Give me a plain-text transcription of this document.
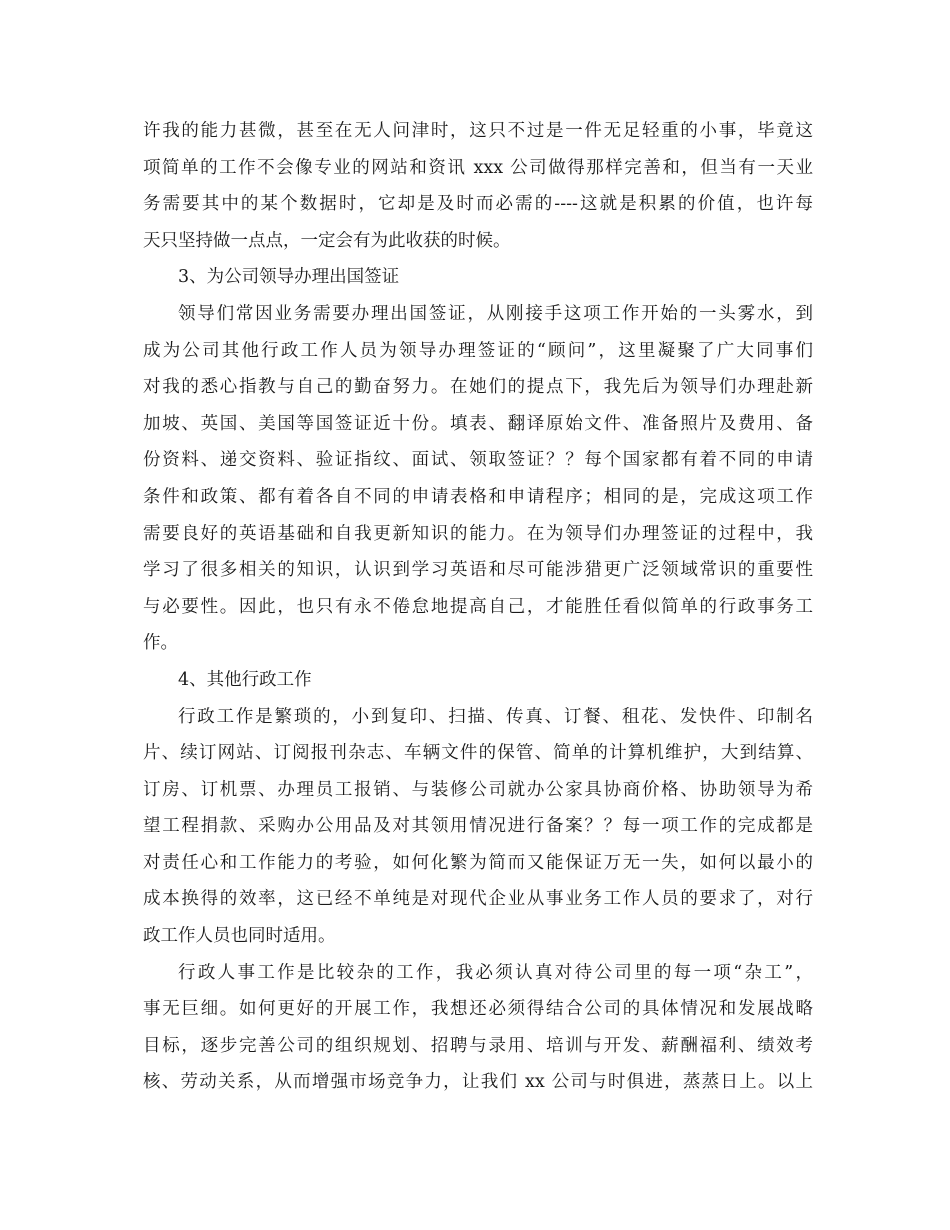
许我的能力甚微，甚至在无人问津时，这只不过是一件无足轻重的小事，毕竟这
项简单的工作不会像专业的网站和资讯 xxx 公司做得那样完善和，但当有一天业
务需要其中的某个数据时，它却是及时而必需的----这就是积累的价值，也许每
天只坚持做一点点，一定会有为此收获的时候。
3、为公司领导办理出国签证
领导们常因业务需要办理出国签证，从刚接手这项工作开始的一头雾水，到
成为公司其他行政工作人员为领导办理签证的“顾问”，这里凝聚了广大同事们
对我的悉心指教与自己的勤奋努力。在她们的提点下，我先后为领导们办理赴新
加坡、英国、美国等国签证近十份。填表、翻译原始文件、准备照片及费用、备
份资料、递交资料、验证指纹、面试、领取签证？？每个国家都有着不同的申请
条件和政策、都有着各自不同的申请表格和申请程序；相同的是，完成这项工作
需要良好的英语基础和自我更新知识的能力。在为领导们办理签证的过程中，我
学习了很多相关的知识，认识到学习英语和尽可能涉猎更广泛领域常识的重要性
与必要性。因此，也只有永不倦怠地提高自己，才能胜任看似简单的行政事务工
作。
4、其他行政工作
行政工作是繁琐的，小到复印、扫描、传真、订餐、租花、发快件、印制名
片、续订网站、订阅报刊杂志、车辆文件的保管、简单的计算机维护，大到结算、
订房、订机票、办理员工报销、与装修公司就办公家具协商价格、协助领导为希
望工程捐款、采购办公用品及对其领用情况进行备案？？每一项工作的完成都是
对责任心和工作能力的考验，如何化繁为简而又能保证万无一失，如何以最小的
成本换得的效率，这已经不单纯是对现代企业从事业务工作人员的要求了，对行
政工作人员也同时适用。
行政人事工作是比较杂的工作，我必须认真对待公司里的每一项“杂工”，
事无巨细。如何更好的开展工作，我想还必须得结合公司的具体情况和发展战略
目标，逐步完善公司的组织规划、招聘与录用、培训与开发、薪酬福利、绩效考
核、劳动关系，从而增强市场竞争力，让我们 xx 公司与时俱进，蒸蒸日上。以上
